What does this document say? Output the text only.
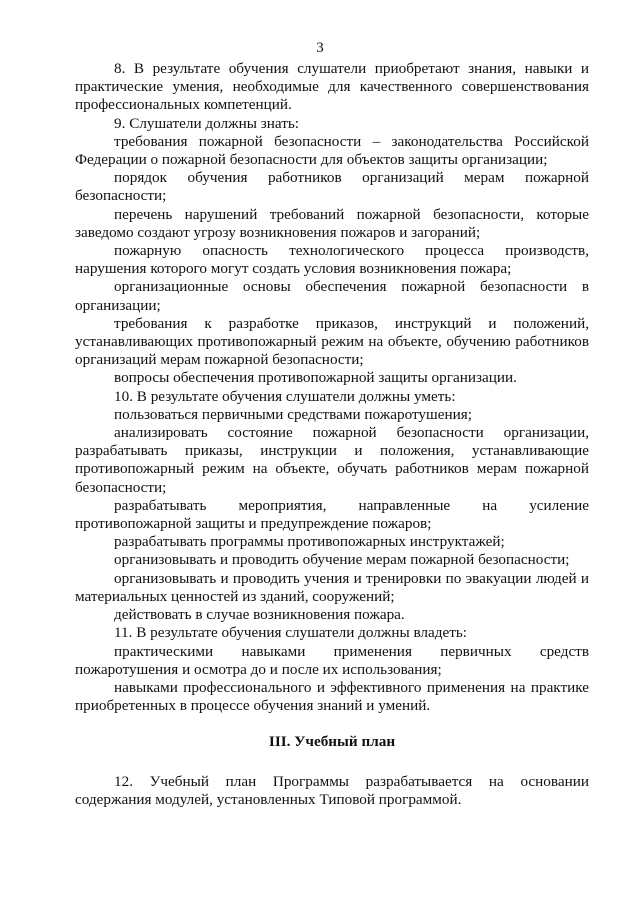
3

8. В результате обучения слушатели приобретают знания, навыки и практические умения, необходимые для качественного совершенствования профессиональных компетенций.

9. Слушатели должны знать:

требования пожарной безопасности – законодательства Российской Федерации о пожарной безопасности для объектов защиты организации;

порядок обучения работников организаций мерам пожарной безопасности;

перечень нарушений требований пожарной безопасности, которые заведомо создают угрозу возникновения пожаров и загораний;

пожарную опасность технологического процесса производств, нарушения которого могут создать условия возникновения пожара;

организационные основы обеспечения пожарной безопасности в организации;

требования к разработке приказов, инструкций и положений, устанавливающих противопожарный режим на объекте, обучению работников организаций мерам пожарной безопасности;

вопросы обеспечения противопожарной защиты организации.

10. В результате обучения слушатели должны уметь:

пользоваться первичными средствами пожаротушения;

анализировать состояние пожарной безопасности организации, разрабатывать приказы, инструкции и положения, устанавливающие противопожарный режим на объекте, обучать работников мерам пожарной безопасности;

разрабатывать мероприятия, направленные на усиление противопожарной защиты и предупреждение пожаров;

разрабатывать программы противопожарных инструктажей;

организовывать и проводить обучение мерам пожарной безопасности;

организовывать и проводить учения и тренировки по эвакуации людей и материальных ценностей из зданий, сооружений;

действовать в случае возникновения пожара.

11. В результате обучения слушатели должны владеть:

практическими навыками применения первичных средств пожаротушения и осмотра до и после их использования;

навыками профессионального и эффективного применения на практике приобретенных в процессе обучения знаний и умений.

III. Учебный план

12. Учебный план Программы разрабатывается на основании содержания модулей, установленных Типовой программой.
